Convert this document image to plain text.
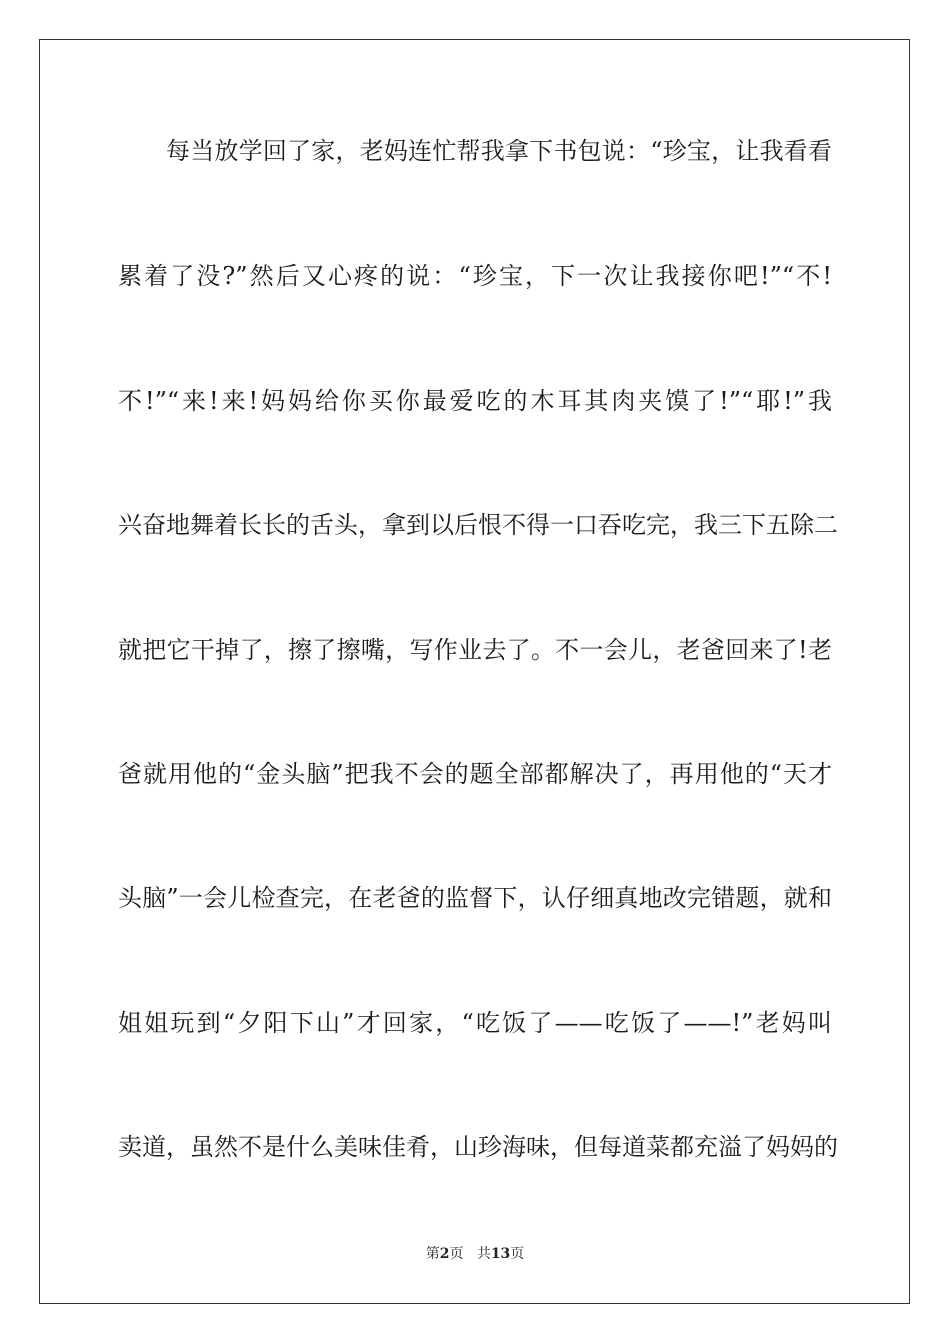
每当放学回了家，老妈连忙帮我拿下书包说：“珍宝，让我看看
累着了没?”然后又心疼的说：“珍宝，下一次让我接你吧!”“不!
不!”“来!来!妈妈给你买你最爱吃的木耳其肉夹馍了!”“耶!”我
兴奋地舞着长长的舌头，拿到以后恨不得一口吞吃完，我三下五除二
就把它干掉了，擦了擦嘴，写作业去了。不一会儿，老爸回来了!老
爸就用他的“金头脑”把我不会的题全部都解决了，再用他的“天才
头脑”一会儿检查完，在老爸的监督下，认仔细真地改完错题，就和
姐姐玩到“夕阳下山”才回家，“吃饭了——吃饭了——!”老妈叫
卖道，虽然不是什么美味佳肴，山珍海味，但每道菜都充溢了妈妈的
第2页 共13页
